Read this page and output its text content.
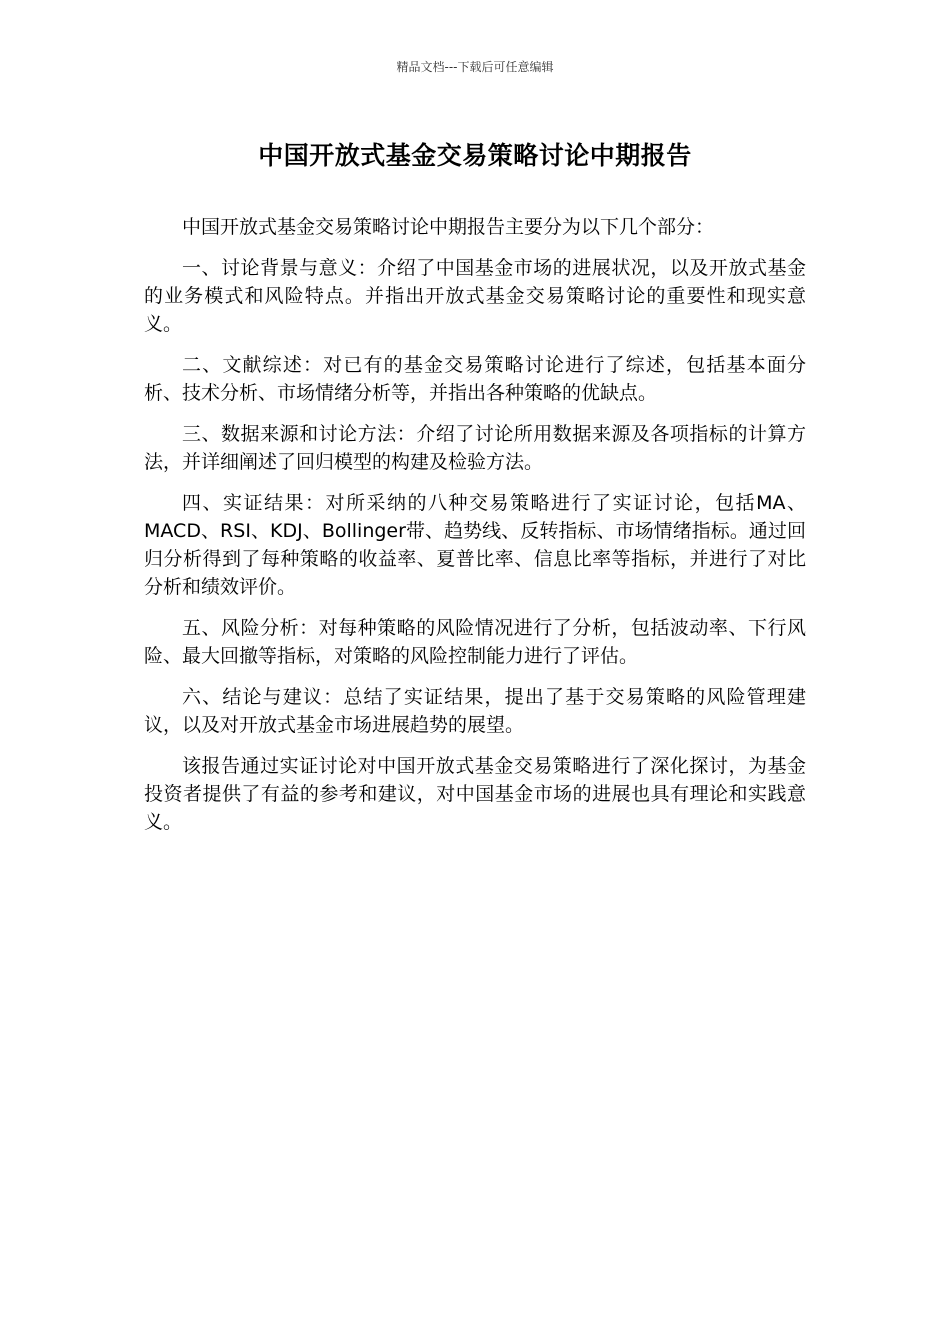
精品文档---下载后可任意编辑
中国开放式基金交易策略讨论中期报告

中国开放式基金交易策略讨论中期报告主要分为以下几个部分：

一、讨论背景与意义：介绍了中国基金市场的进展状况，以及开放式基金的业务模式和风险特点。并指出开放式基金交易策略讨论的重要性和现实意义。

二、文献综述：对已有的基金交易策略讨论进行了综述，包括基本面分析、技术分析、市场情绪分析等，并指出各种策略的优缺点。

三、数据来源和讨论方法：介绍了讨论所用数据来源及各项指标的计算方法，并详细阐述了回归模型的构建及检验方法。

四、实证结果：对所采纳的八种交易策略进行了实证讨论，包括MA、MACD、RSI、KDJ、Bollinger带、趋势线、反转指标、市场情绪指标。通过回归分析得到了每种策略的收益率、夏普比率、信息比率等指标，并进行了对比分析和绩效评价。

五、风险分析：对每种策略的风险情况进行了分析，包括波动率、下行风险、最大回撤等指标，对策略的风险控制能力进行了评估。

六、结论与建议：总结了实证结果，提出了基于交易策略的风险管理建议，以及对开放式基金市场进展趋势的展望。

该报告通过实证讨论对中国开放式基金交易策略进行了深化探讨，为基金投资者提供了有益的参考和建议，对中国基金市场的进展也具有理论和实践意义。
